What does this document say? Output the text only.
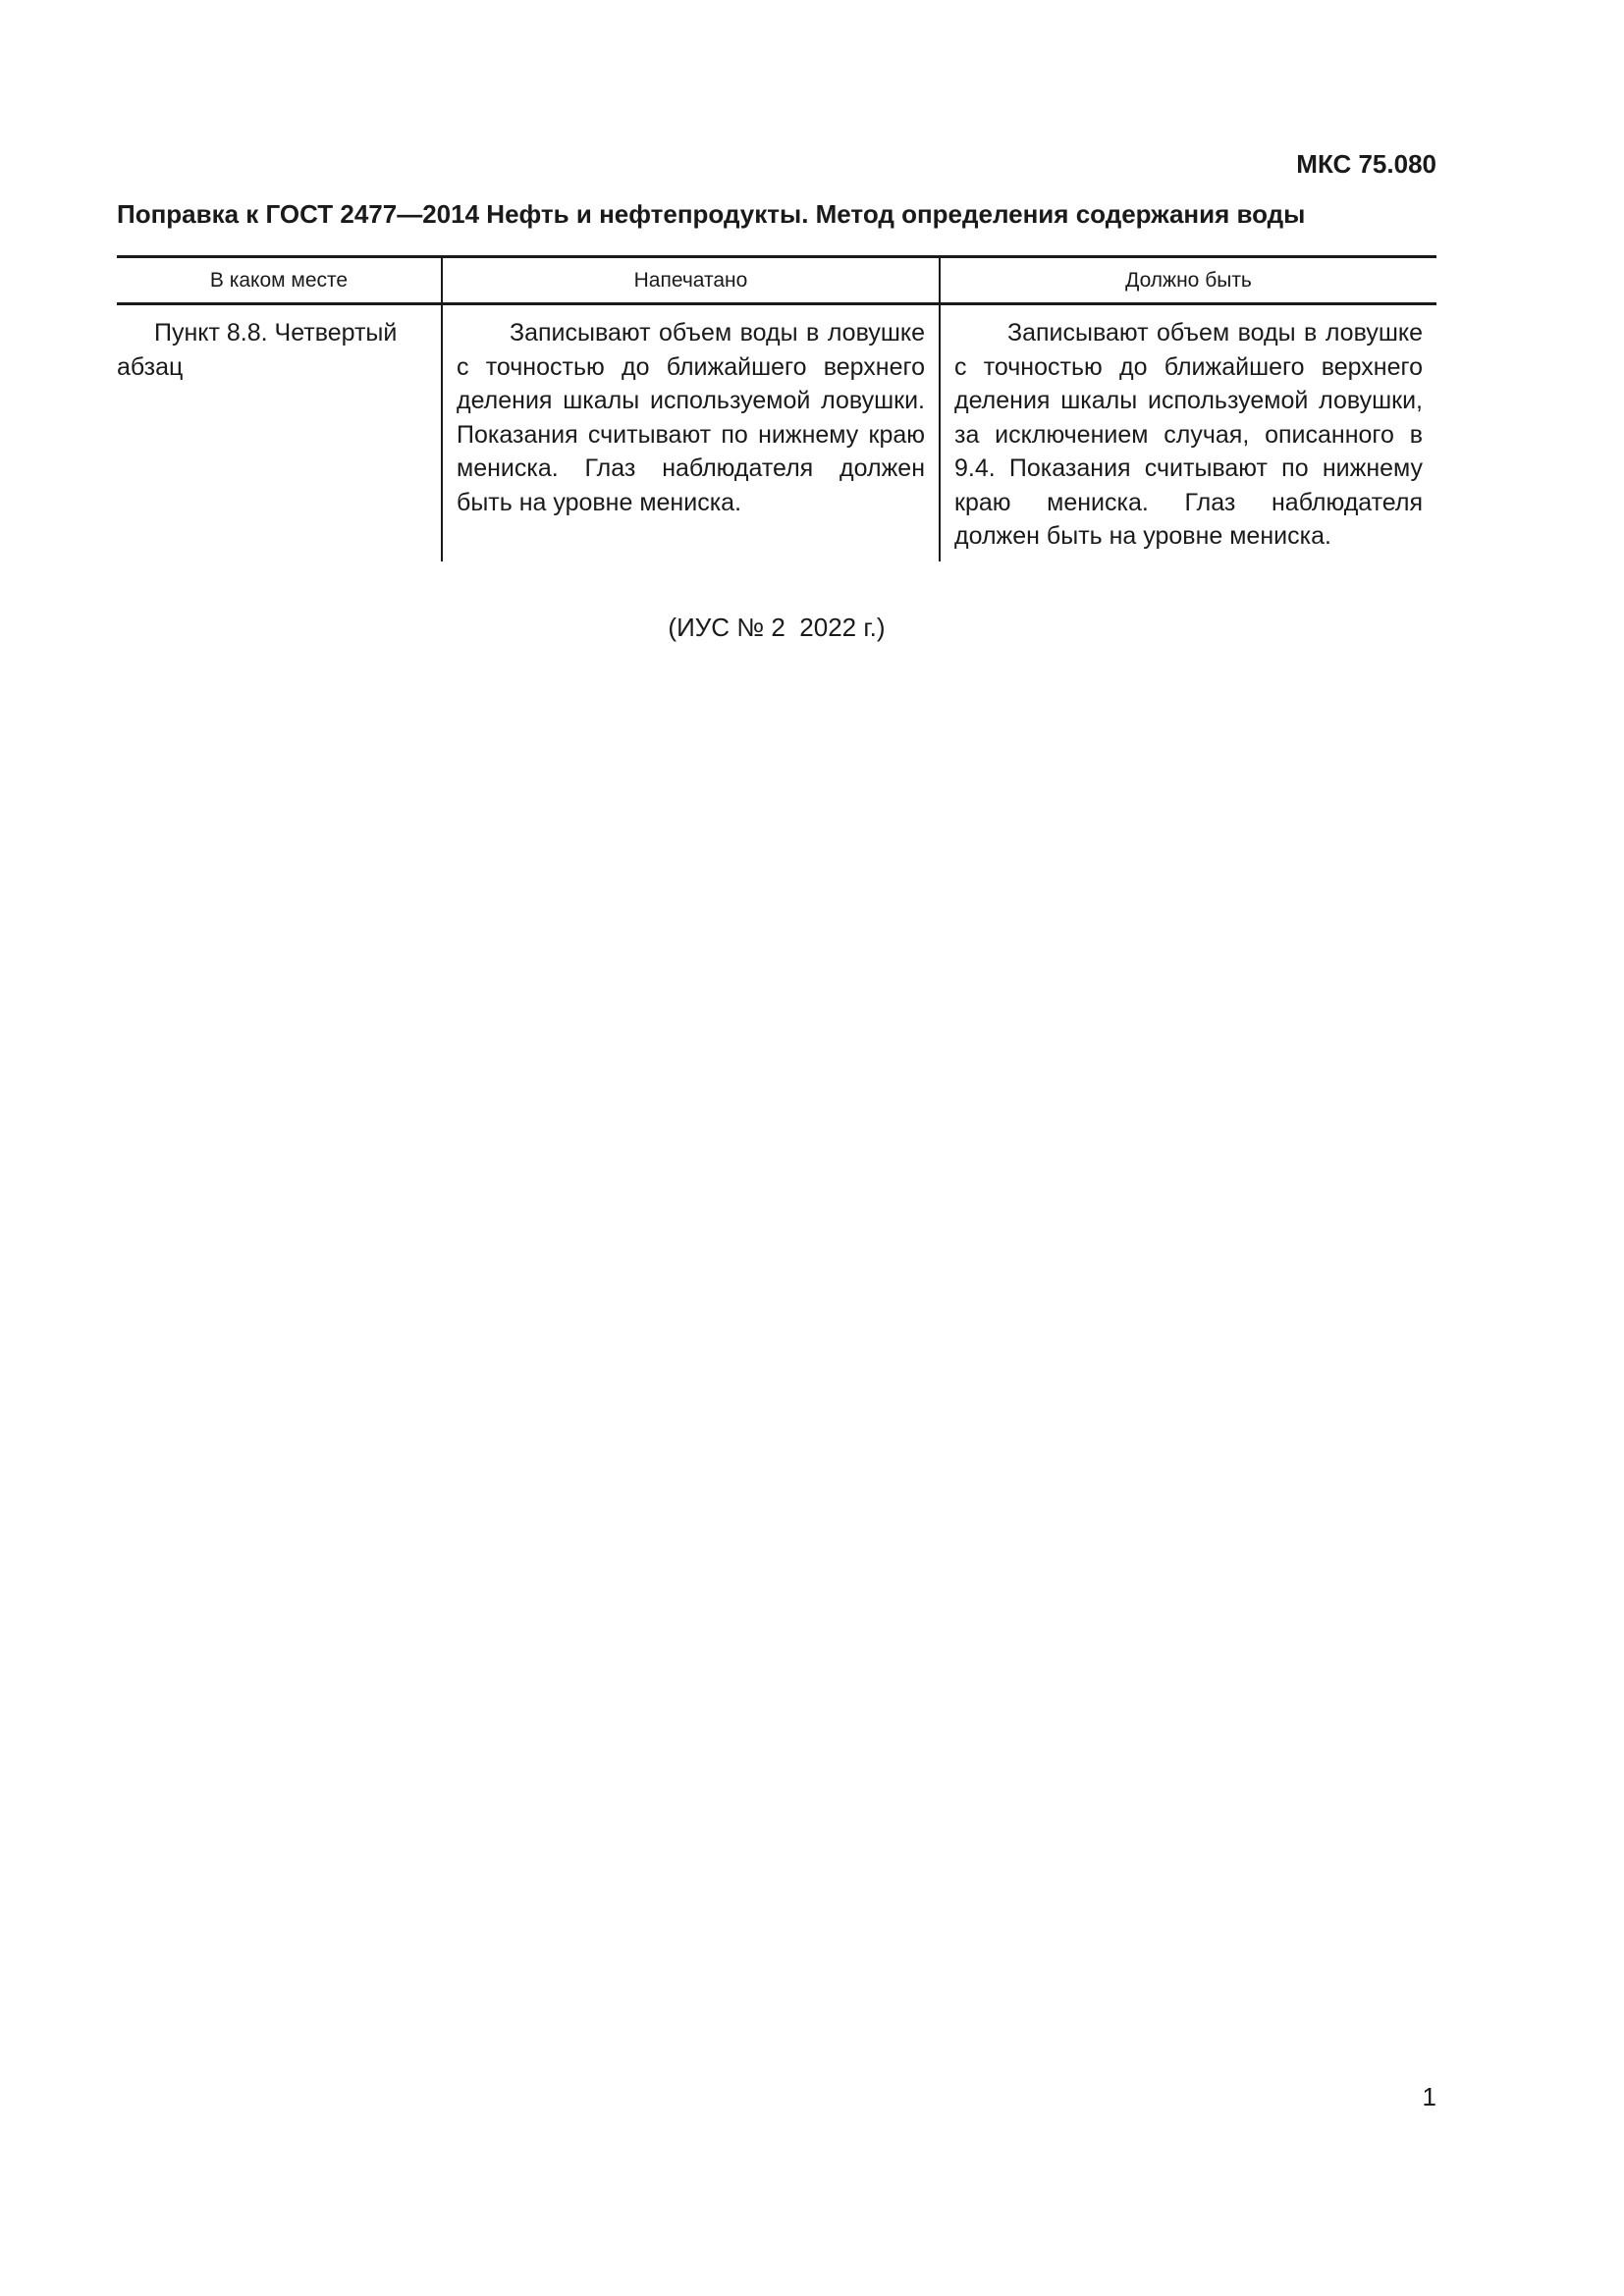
МКС 75.080
Поправка к ГОСТ 2477—2014 Нефть и нефтепродукты. Метод определения содержания воды
В каком месте	Напечатано	Должно быть
Пункт 8.8. Четвертый абзац	Записывают объем воды в ловушке с точностью до ближайшего верхнего деления шкалы используемой ловушки. Показания считывают по нижнему краю мениска. Глаз наблюдателя должен быть на уровне мениска.	Записывают объем воды в ловушке с точностью до ближайшего верхнего деления шкалы используемой ловушки, за исключением случая, описанного в 9.4. Показания считывают по нижнему краю мениска. Глаз наблюдателя должен быть на уровне мениска.
(ИУС № 2  2022 г.)
1
